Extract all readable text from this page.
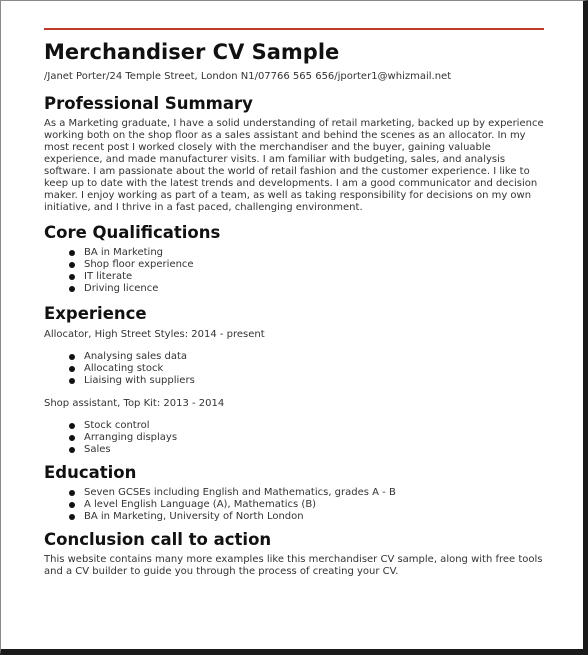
Merchandiser CV Sample
/Janet Porter/24 Temple Street, London N1/07766 565 656/jporter1@whizmail.net
Professional Summary

As a Marketing graduate, I have a solid understanding of retail marketing, backed up by experience working both on the shop floor as a sales assistant and behind the scenes as an allocator. In my most recent post I worked closely with the merchandiser and the buyer, gaining valuable experience, and made manufacturer visits. I am familiar with budgeting, sales, and analysis software. I am passionate about the world of retail fashion and the customer experience. I like to keep up to date with the latest trends and developments. I am a good communicator and decision maker. I enjoy working as part of a team, as well as taking responsibility for decisions on my own initiative, and I thrive in a fast paced, challenging environment.

Core Qualifications
BA in Marketing
Shop floor experience
IT literate
Driving licence
Experience
Allocator, High Street Styles: 2014 - present
Analysing sales data
Allocating stock
Liaising with suppliers
Shop assistant, Top Kit: 2013 - 2014
Stock control
Arranging displays
Sales
Education
Seven GCSEs including English and Mathematics, grades A - B
A level English Language (A), Mathematics (B)
BA in Marketing, University of North London
Conclusion call to action

This website contains many more examples like this merchandiser CV sample, along with free tools and a CV builder to guide you through the process of creating your CV.
